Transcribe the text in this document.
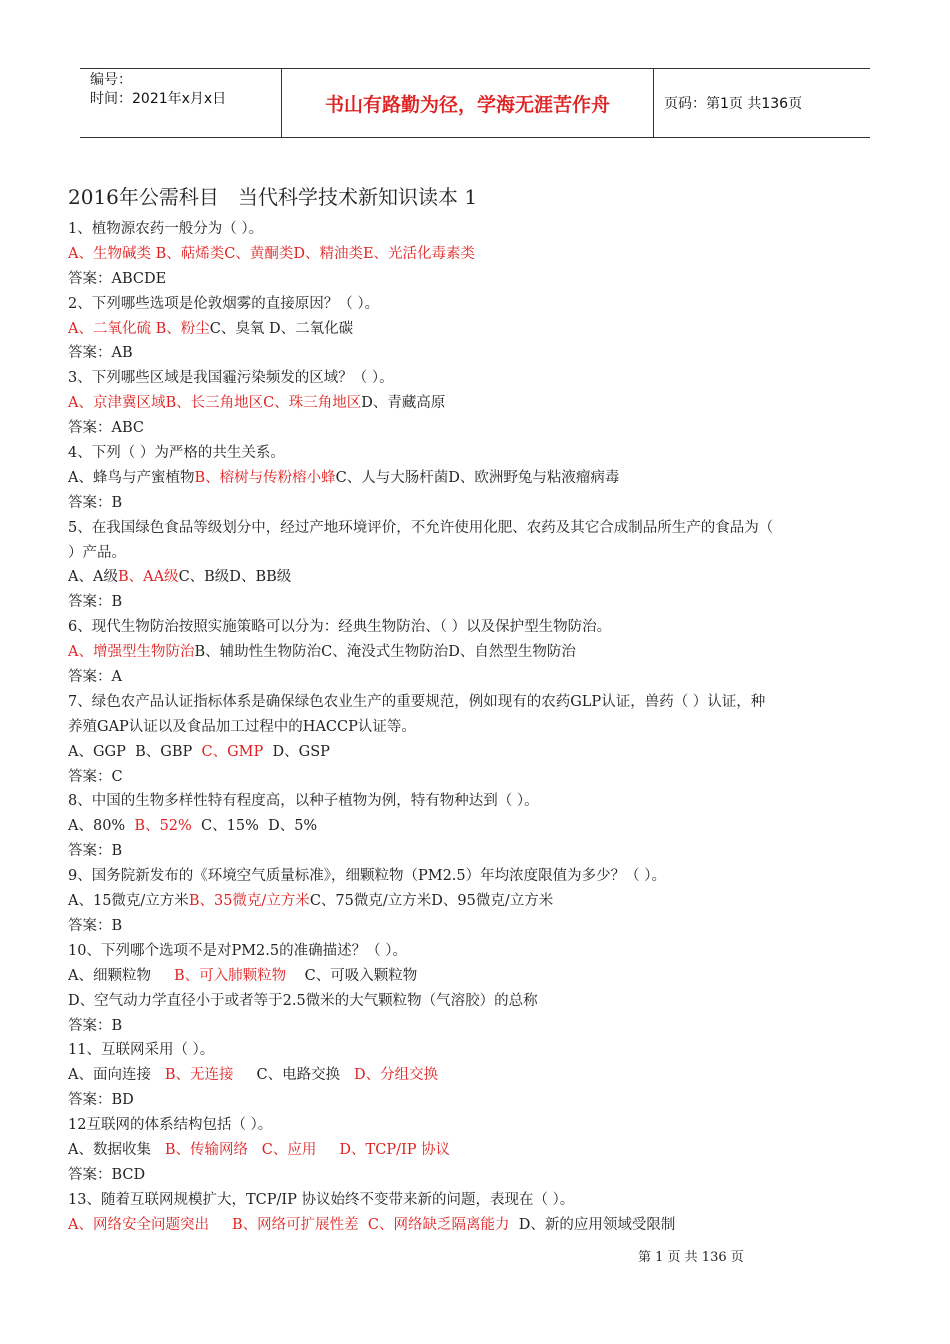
编号：
时间：2021年x月x日	书山有路勤为径，学海无涯苦作舟	页码：第1页 共136页
2016年公需科目   当代科学技术新知识读本 1
1、植物源农药一般分为（ ）。
A、生物碱类 B、萜烯类C、黄酮类D、精油类E、光活化毒素类
答案：ABCDE
2、下列哪些选项是伦敦烟雾的直接原因？（ ）。
A、二氧化硫 B、粉尘C、臭氧 D、二氧化碳
答案：AB
3、下列哪些区域是我国霾污染频发的区域？（ ）。
A、京津冀区域B、长三角地区C、珠三角地区D、青藏高原
答案：ABC
4、下列（ ）为严格的共生关系。
A、蜂鸟与产蜜植物B、榕树与传粉榕小蜂C、人与大肠杆菌D、欧洲野兔与粘液瘤病毒
答案：B
5、在我国绿色食品等级划分中，经过产地环境评价，不允许使用化肥、农药及其它合成制品所生产的食品为（
）产品。
A、A级B、AA级C、B级D、BB级
答案：B
6、现代生物防治按照实施策略可以分为：经典生物防治、（ ）以及保护型生物防治。
A、增强型生物防治B、辅助性生物防治C、淹没式生物防治D、自然型生物防治
答案：A
7、绿色农产品认证指标体系是确保绿色农业生产的重要规范，例如现有的农药GLP认证，兽药（ ）认证，种
养殖GAP认证以及食品加工过程中的HACCP认证等。
A、GGP  B、GBP  C、GMP  D、GSP
答案：C
8、中国的生物多样性特有程度高，以种子植物为例，特有物种达到（ ）。
A、80%  B、52%  C、15%  D、5%
答案：B
9、国务院新发布的《环境空气质量标准》，细颗粒物（PM2.5）年均浓度限值为多少？（ ）。
A、15微克/立方米B、35微克/立方米C、75微克/立方米D、95微克/立方米
答案：B
10、下列哪个选项不是对PM2.5的准确描述？（ ）。
A、细颗粒物     B、可入肺颗粒物    C、可吸入颗粒物
D、空气动力学直径小于或者等于2.5微米的大气颗粒物（气溶胶）的总称
答案：B
11、互联网采用（ ）。
A、面向连接   B、无连接     C、电路交换   D、分组交换
答案：BD
12互联网的体系结构包括（ ）。
A、数据收集   B、传输网络   C、应用     D、TCP/IP 协议
答案：BCD
13、随着互联网规模扩大，TCP/IP 协议始终不变带来新的问题，表现在（ ）。
A、网络安全问题突出     B、网络可扩展性差  C、网络缺乏隔离能力  D、新的应用领域受限制
第 1 页 共 136 页
